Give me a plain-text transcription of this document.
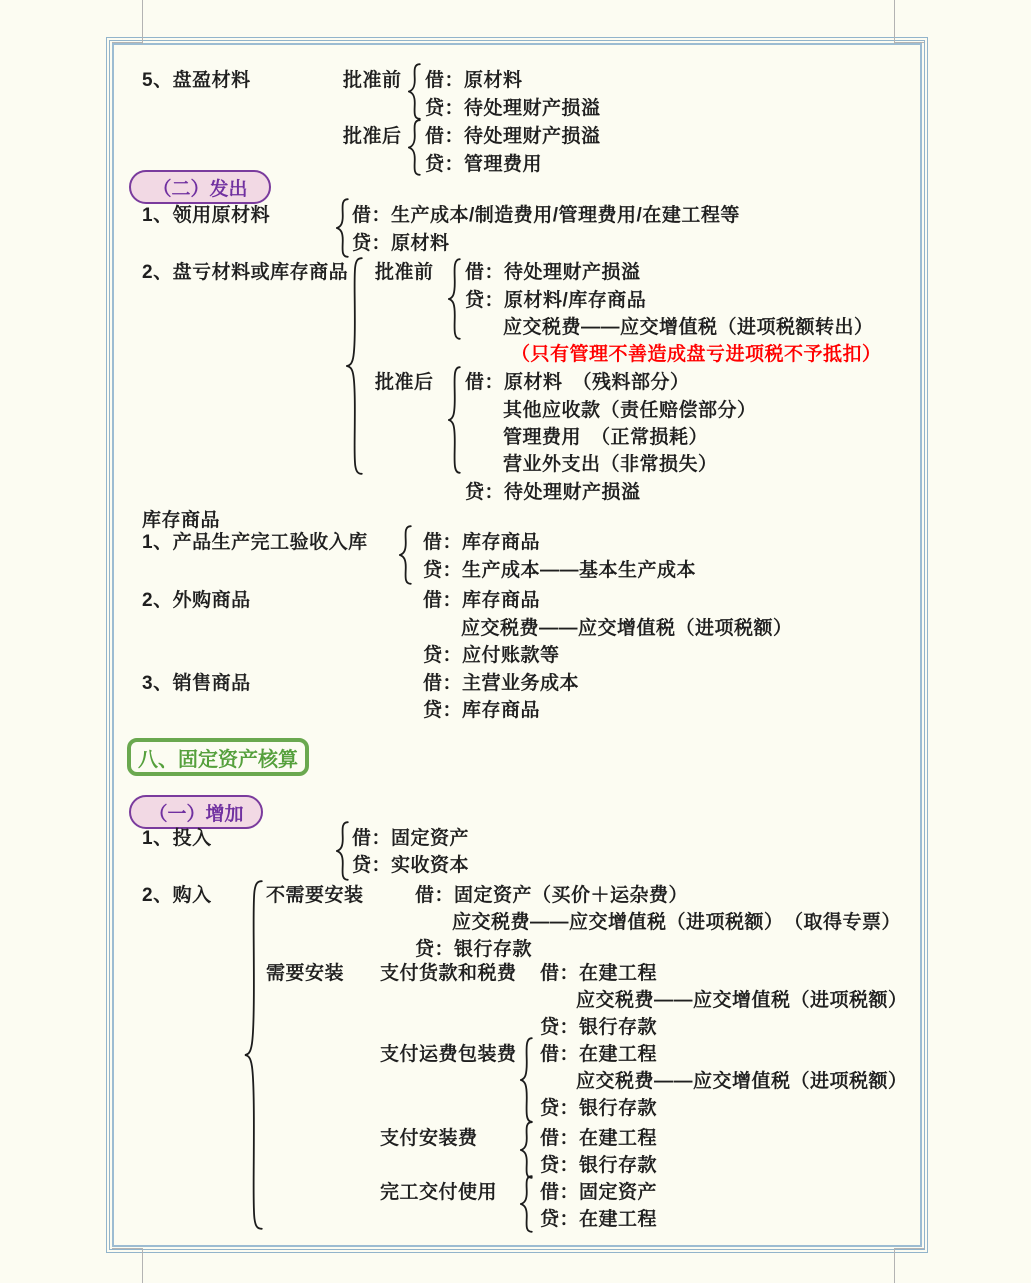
5、盘盈材料	批准前 借：原材料
贷：待处理财产损溢
批准后 借：待处理财产损溢
贷：管理费用
（二）发出
1、领用原材料	借：生产成本/制造费用/管理费用/在建工程等
贷：原材料
2、盘亏材料或库存商品 批准前 借：待处理财产损溢
贷：原材料/库存商品
应交税费——应交增值税（进项税额转出）
（只有管理不善造成盘亏进项税不予抵扣）
批准后 借：原材料　（残料部分）
其他应收款（责任赔偿部分）
管理费用　（正常损耗）
营业外支出（非常损失）
贷：待处理财产损溢
库存商品
1、产品生产完工验收入库	借：库存商品
贷：生产成本——基本生产成本
2、外购商品	借：库存商品
应交税费——应交增值税（进项税额）
贷：应付账款等
3、销售商品	借：主营业务成本
贷：库存商品
八、固定资产核算
（一）增加
1、投入	借：固定资产
贷：实收资本
2、购入	不需要安装	借：固定资产（买价＋运杂费）
应交税费——应交增值税（进项税额）　（取得专票）
贷：银行存款
需要安装 支付货款和税费 借：在建工程
应交税费——应交增值税（进项税额）
贷：银行存款
支付运费包装费 借：在建工程
应交税费——应交增值税（进项税额）
贷：银行存款
支付安装费	借：在建工程
贷：银行存款
完工交付使用 借：固定资产
贷：在建工程
